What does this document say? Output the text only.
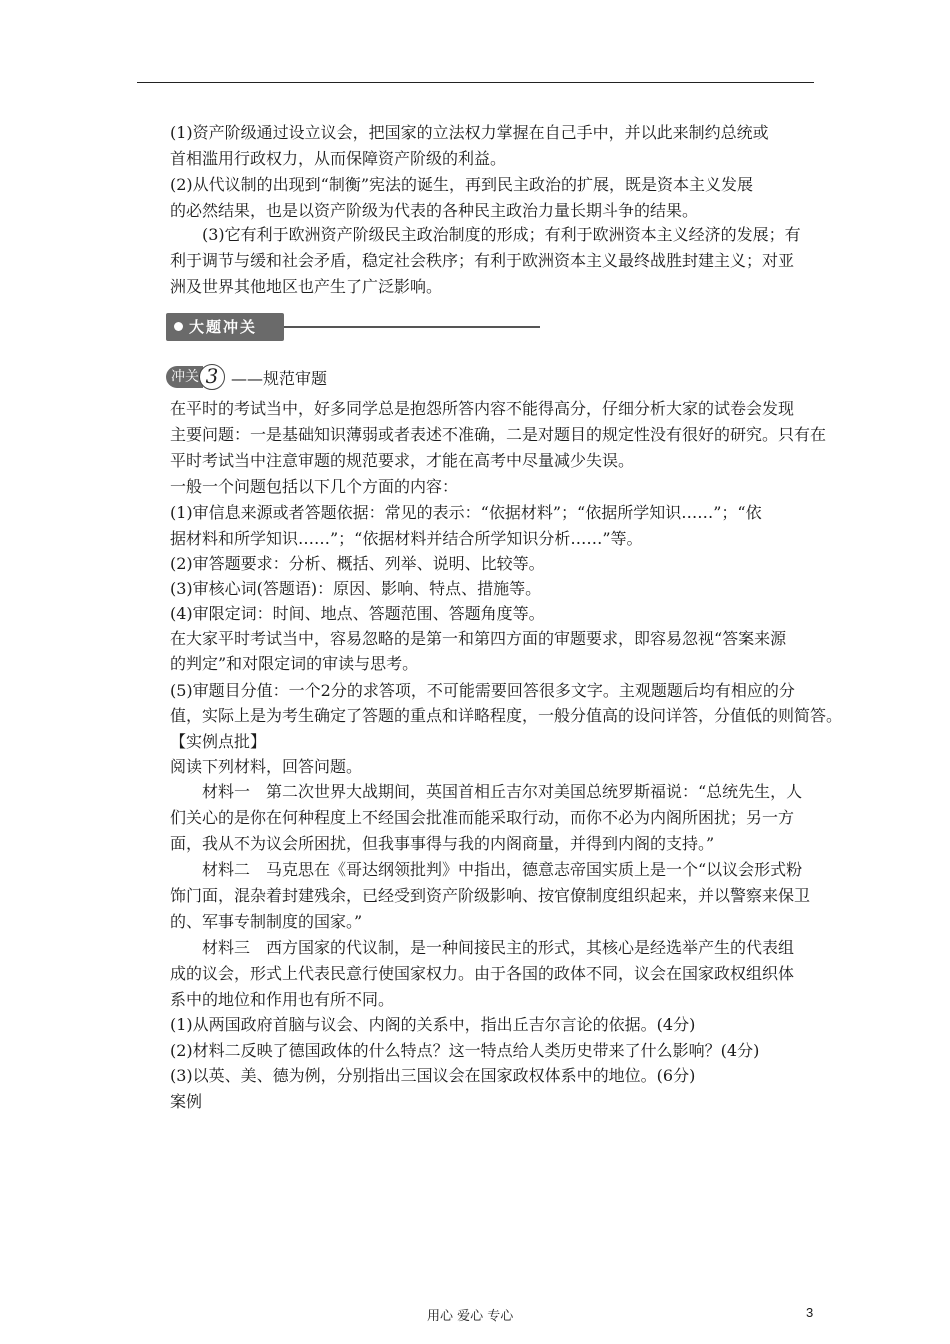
(1)资产阶级通过设立议会，把国家的立法权力掌握在自己手中，并以此来制约总统或

首相滥用行政权力，从而保障资产阶级的利益。

(2)从代议制的出现到“制衡”宪法的诞生，再到民主政治的扩展，既是资本主义发展

的必然结果，也是以资产阶级为代表的各种民主政治力量长期斗争的结果。

(3)它有利于欧洲资产阶级民主政治制度的形成；有利于欧洲资本主义经济的发展；有

利于调节与缓和社会矛盾，稳定社会秩序；有利于欧洲资本主义最终战胜封建主义；对亚

洲及世界其他地区也产生了广泛影响。

大题冲关
冲关 3 ——规范审题

在平时的考试当中，好多同学总是抱怨所答内容不能得高分，仔细分析大家的试卷会发现

主要问题：一是基础知识薄弱或者表述不准确，二是对题目的规定性没有很好的研究。只有在

平时考试当中注意审题的规范要求，才能在高考中尽量减少失误。

一般一个问题包括以下几个方面的内容：

(1)审信息来源或者答题依据：常见的表示：“依据材料”；“依据所学知识……”；“依

据材料和所学知识……”；“依据材料并结合所学知识分析……”等。

(2)审答题要求：分析、概括、列举、说明、比较等。

(3)审核心词(答题语)：原因、影响、特点、措施等。

(4)审限定词：时间、地点、答题范围、答题角度等。

在大家平时考试当中，容易忽略的是第一和第四方面的审题要求，即容易忽视“答案来源

的判定”和对限定词的审读与思考。

(5)审题目分值：一个2分的求答项，不可能需要回答很多文字。主观题题后均有相应的分

值，实际上是为考生确定了答题的重点和详略程度，一般分值高的设问详答，分值低的则简答。

【实例点批】

阅读下列材料，回答问题。

材料一　第二次世界大战期间，英国首相丘吉尔对美国总统罗斯福说：“总统先生，人

们关心的是你在何种程度上不经国会批准而能采取行动，而你不必为内阁所困扰；另一方

面，我从不为议会所困扰，但我事事得与我的内阁商量，并得到内阁的支持。”

材料二　马克思在《哥达纲领批判》中指出，德意志帝国实质上是一个“以议会形式粉

饰门面，混杂着封建残余，已经受到资产阶级影响、按官僚制度组织起来，并以警察来保卫

的、军事专制制度的国家。”

材料三　西方国家的代议制，是一种间接民主的形式，其核心是经选举产生的代表组

成的议会，形式上代表民意行使国家权力。由于各国的政体不同，议会在国家政权组织体

系中的地位和作用也有所不同。

(1)从两国政府首脑与议会、内阁的关系中，指出丘吉尔言论的依据。(4分)

(2)材料二反映了德国政体的什么特点？这一特点给人类历史带来了什么影响？(4分)

(3)以英、美、德为例，分别指出三国议会在国家政权体系中的地位。(6分)

案例

用心 爱心 专心	3
